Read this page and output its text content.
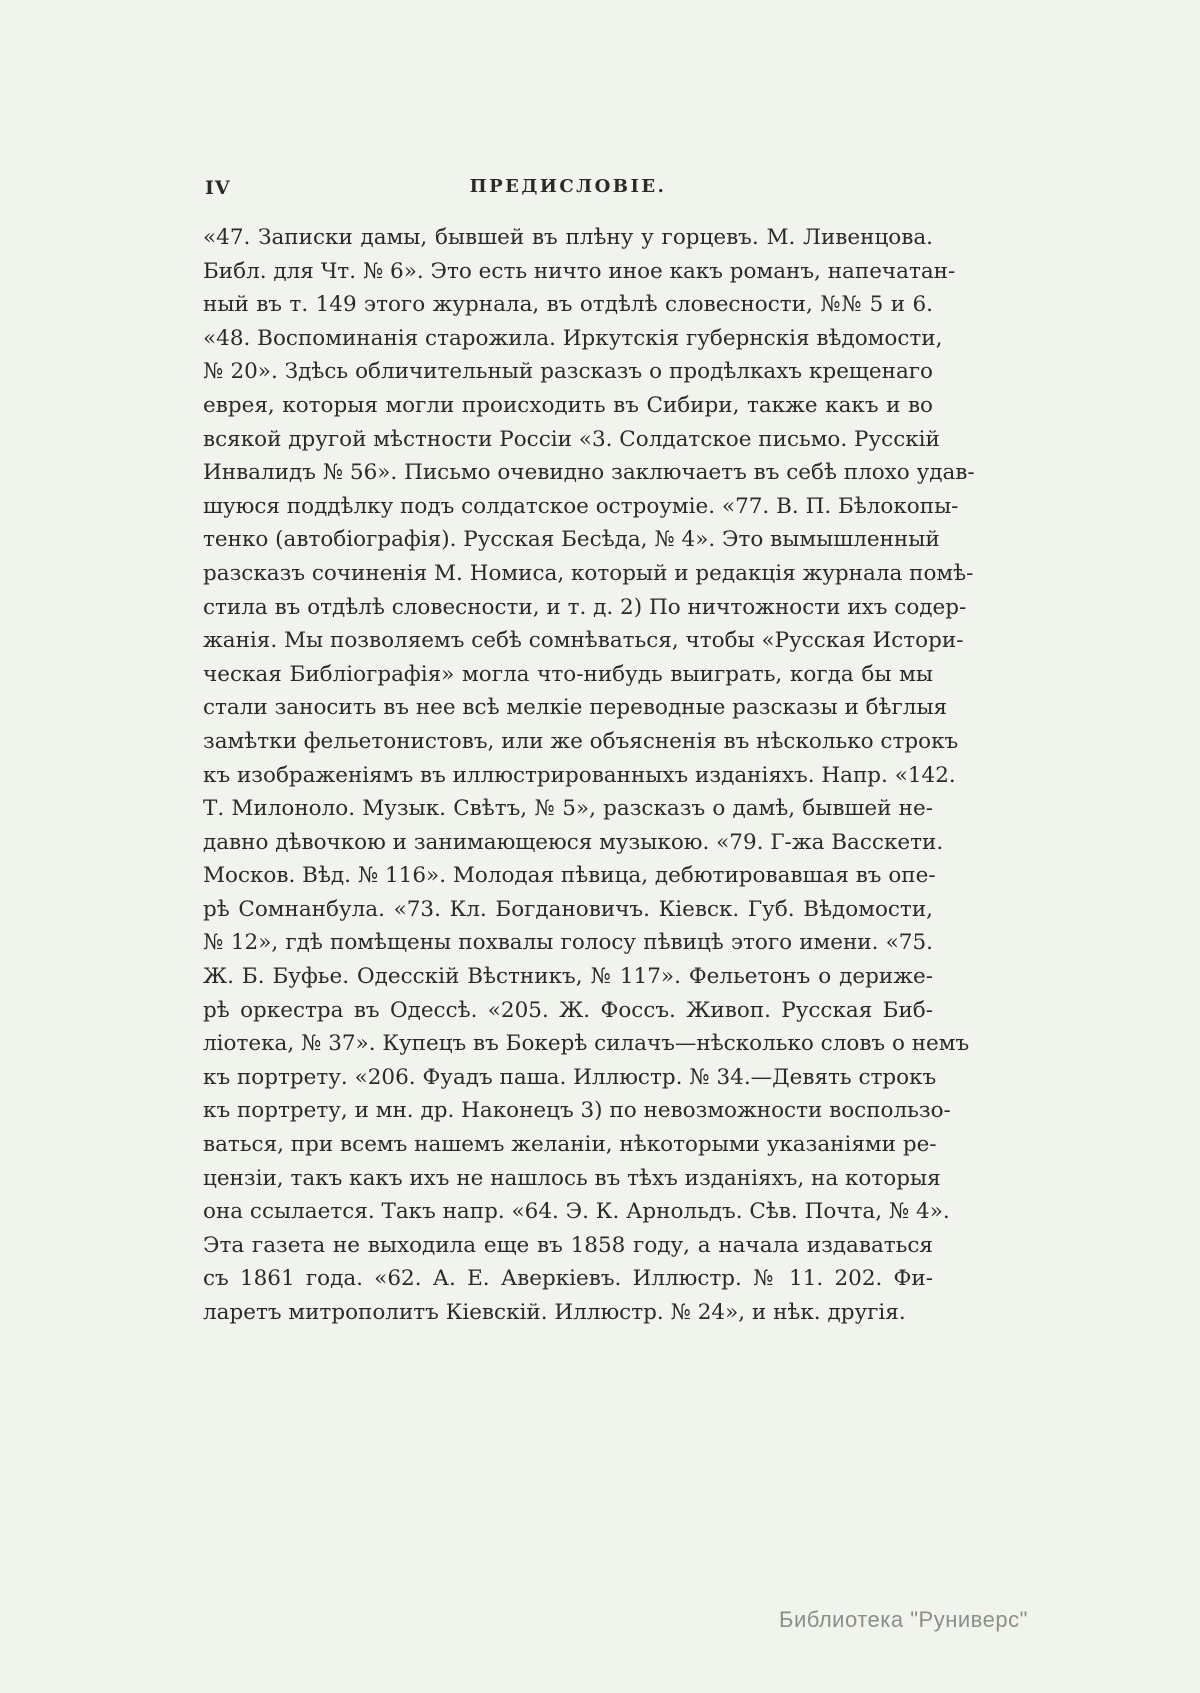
IV	ПРЕДИСЛОВІЕ.
«47. Записки дамы, бывшей въ плѣну у горцевъ. М. Ливенцова.
Библ. для Чт. № 6». Это есть ничто иное какъ романъ, напечатан-
ный въ т. 149 этого журнала, въ отдѣлѣ словесности, №№ 5 и 6.
«48. Воспоминанія старожила. Иркутскія губернскія вѣдомости,
№ 20». Здѣсь обличительный разсказъ о продѣлкахъ крещенаго
еврея, которыя могли происходить въ Сибири, также какъ и во
всякой другой мѣстности Россіи «3. Солдатское письмо. Русскій
Инвалидъ № 56». Письмо очевидно заключаетъ въ себѣ плохо удав-
шуюся поддѣлку подъ солдатское остроуміе. «77. В. П. Бѣлокопы-
тенко (автобіографія). Русская Бесѣда, № 4». Это вымышленный
разсказъ сочиненія М. Номиса, который и редакція журнала помѣ-
стила въ отдѣлѣ словесности, и т. д. 2) По ничтожности ихъ содер-
жанія. Мы позволяемъ себѣ сомнѣваться, чтобы «Русская Истори-
ческая Библіографія» могла что-нибудь выиграть, когда бы мы
стали заносить въ нее всѣ мелкіе переводные разсказы и бѣглыя
замѣтки фельетонистовъ, или же объясненія въ нѣсколько строкъ
къ изображеніямъ въ иллюстрированныхъ изданіяхъ. Напр. «142.
Т. Милоноло. Музык. Свѣтъ, № 5», разсказъ о дамѣ, бывшей не-
давно дѣвочкою и занимающеюся музыкою. «79. Г-жа Васскети.
Москов. Вѣд. № 116». Молодая пѣвица, дебютировавшая въ опе-
рѣ Сомнанбула. «73. Кл. Богдановичъ. Кіевск. Губ. Вѣдомости,
№ 12», гдѣ помѣщены похвалы голосу пѣвицѣ этого имени. «75.
Ж. Б. Буфье. Одесскій Вѣстникъ, № 117». Фельетонъ о дериже-
рѣ оркестра въ Одессѣ. «205. Ж. Фоссъ. Живоп. Русская Биб-
ліотека, № 37». Купецъ въ Бокерѣ силачъ—нѣсколько словъ о немъ
къ портрету. «206. Фуадъ паша. Иллюстр. № 34.—Девять строкъ
къ портрету, и мн. др. Наконецъ 3) по невозможности воспользо-
ваться, при всемъ нашемъ желаніи, нѣкоторыми указаніями ре-
цензіи, такъ какъ ихъ не нашлось въ тѣхъ изданіяхъ, на которыя
она ссылается. Такъ напр. «64. Э. К. Арнольдъ. Сѣв. Почта, № 4».
Эта газета не выходила еще въ 1858 году, а начала издаваться
съ 1861 года. «62. А. Е. Аверкіевъ. Иллюстр. № 11. 202. Фи-
ларетъ митрополитъ Кіевскій. Иллюстр. № 24», и нѣк. другія.
Библиотека "Руниверс"
